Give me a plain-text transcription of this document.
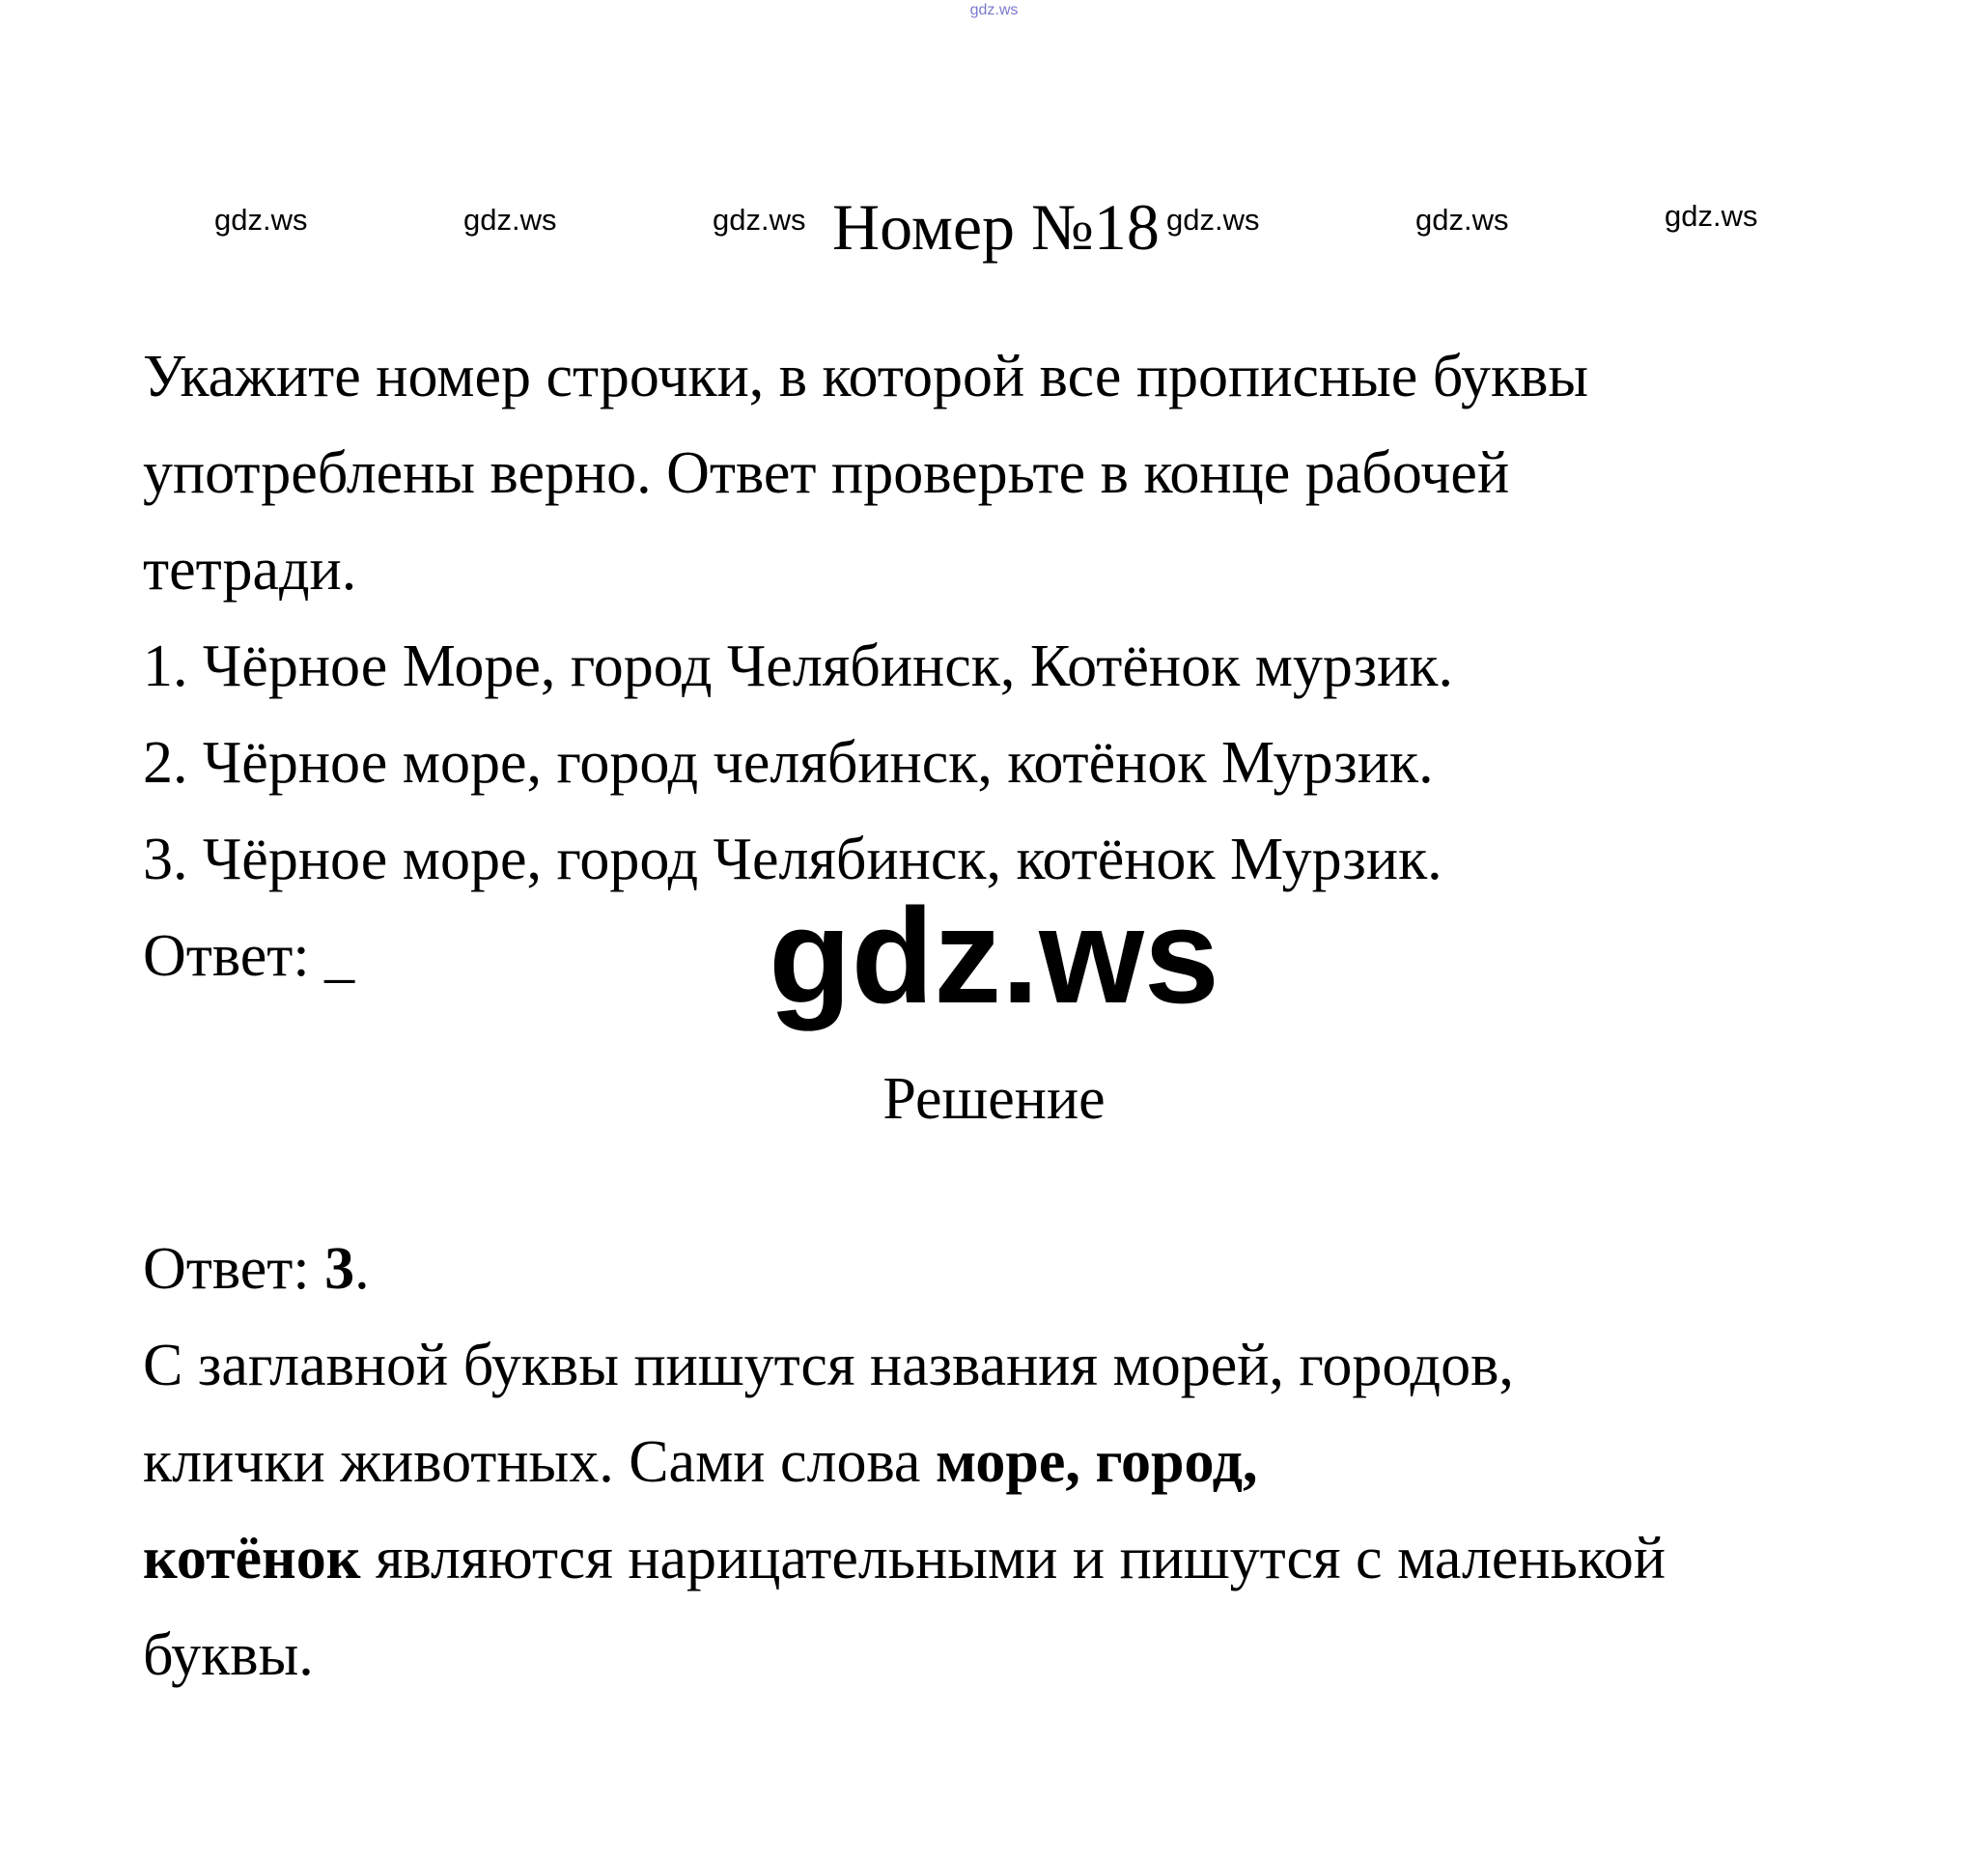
gdz.ws
gdz.ws	gdz.ws	gdz.ws	gdz.ws	gdz.ws	gdz.ws
Номер №18
Укажите номер строчки, в которой все прописные буквы
употреблены верно. Ответ проверьте в конце рабочей
тетради.
1. Чёрное Море, город Челябинск, Котёнок мурзик.
2. Чёрное море, город челябинск, котёнок Мурзик.
3. Чёрное море, город Челябинск, котёнок Мурзик.
Ответ: _	gdz.ws
Решение
Ответ: 3.
С заглавной буквы пишутся названия морей, городов,
клички животных. Сами слова море, город,
котёнок являются нарицательными и пишутся с маленькой
буквы.
